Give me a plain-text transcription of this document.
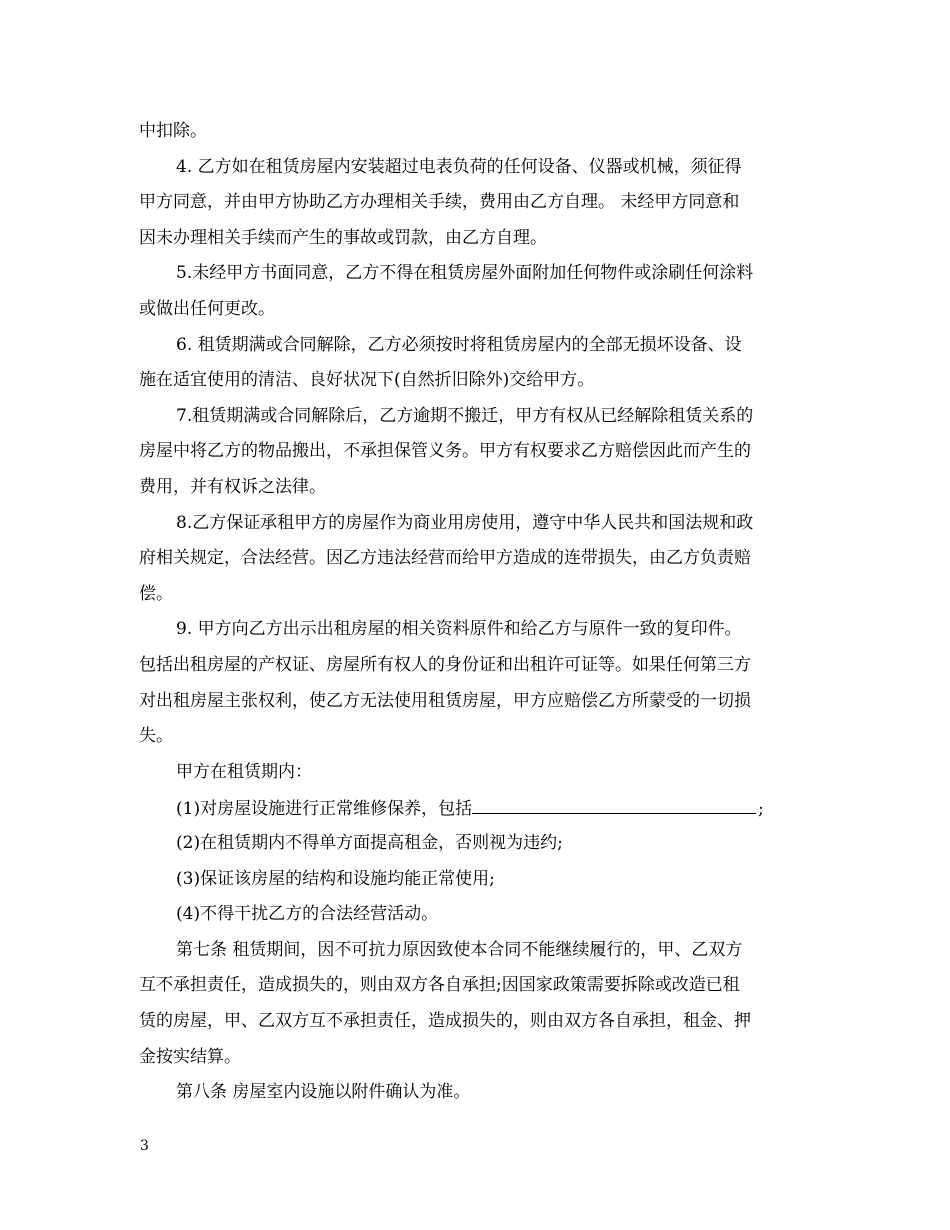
中扣除。
4. 乙方如在租赁房屋内安装超过电表负荷的任何设备、仪器或机械，须征得
甲方同意，并由甲方协助乙方办理相关手续，费用由乙方自理。 未经甲方同意和
因未办理相关手续而产生的事故或罚款，由乙方自理。
5.未经甲方书面同意，乙方不得在租赁房屋外面附加任何物件或涂刷任何涂料
或做出任何更改。
6. 租赁期满或合同解除，乙方必须按时将租赁房屋内的全部无损坏设备、设
施在适宜使用的清洁、良好状况下(自然折旧除外)交给甲方。
7.租赁期满或合同解除后，乙方逾期不搬迁，甲方有权从已经解除租赁关系的
房屋中将乙方的物品搬出，不承担保管义务。甲方有权要求乙方赔偿因此而产生的
费用，并有权诉之法律。
8.乙方保证承租甲方的房屋作为商业用房使用，遵守中华人民共和国法规和政
府相关规定，合法经营。因乙方违法经营而给甲方造成的连带损失，由乙方负责赔
偿。
9. 甲方向乙方出示出租房屋的相关资料原件和给乙方与原件一致的复印件。
包括出租房屋的产权证、房屋所有权人的身份证和出租许可证等。如果任何第三方
对出租房屋主张权利，使乙方无法使用租赁房屋，甲方应赔偿乙方所蒙受的一切损
失。
甲方在租赁期内：
(1)对房屋设施进行正常维修保养，包括	;
(2)在租赁期内不得单方面提高租金，否则视为违约;
(3)保证该房屋的结构和设施均能正常使用;
(4)不得干扰乙方的合法经营活动。
第七条 租赁期间，因不可抗力原因致使本合同不能继续履行的，甲、乙双方
互不承担责任，造成损失的，则由双方各自承担;因国家政策需要拆除或改造已租
赁的房屋，甲、乙双方互不承担责任，造成损失的，则由双方各自承担，租金、押
金按实结算。
第八条 房屋室内设施以附件确认为准。
3
